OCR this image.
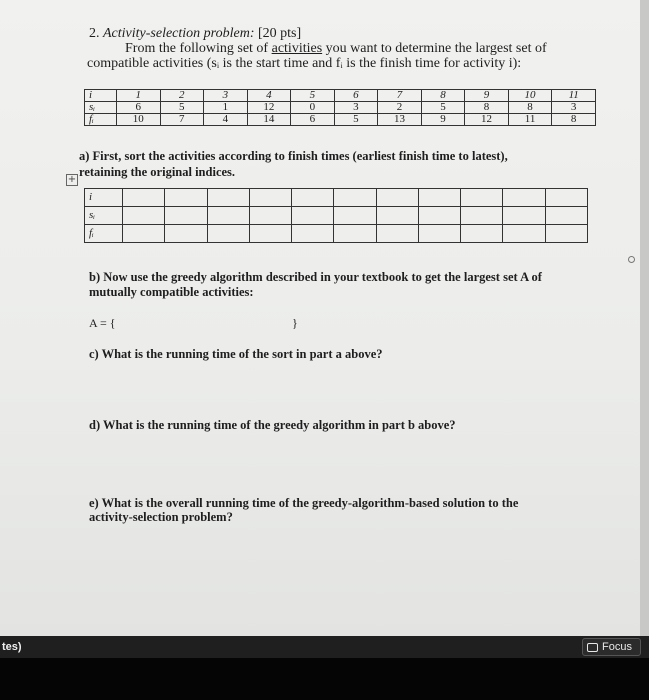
2. Activity-selection problem: [20 pts]
From the following set of activities you want to determine the largest set of
compatible activities (sᵢ is the start time and fᵢ is the finish time for activity i):
i	1	2	3	4	5	6	7	8	9	10	11
sᵢ	6	5	1	12	0	3	2	5	8	8	3
fᵢ	10	7	4	14	6	5	13	9	12	11	8
a) First, sort the activities according to finish times (earliest finish time to latest),
retaining the original indices.
+
i											
sᵢ											
fᵢ											
b) Now use the greedy algorithm described in your textbook to get the largest set A of
mutually compatible activities:
A = {	}
c) What is the running time of the sort in part a above?
d) What is the running time of the greedy algorithm in part b above?
e) What is the overall running time of the greedy-algorithm-based solution to the
activity-selection problem?
tes)	Focus
